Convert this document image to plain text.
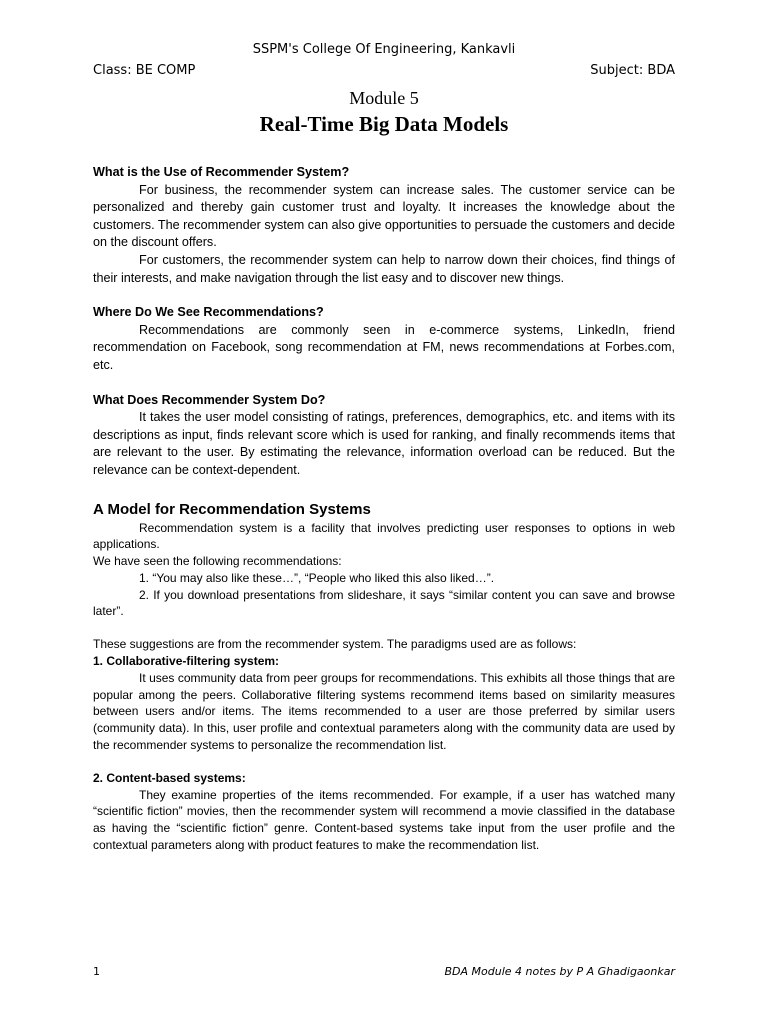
SSPM's College Of Engineering, Kankavli
Class: BE COMP	Subject: BDA
Module 5
Real-Time Big Data Models

What is the Use of Recommender System?

For business, the recommender system can increase sales. The customer service can be personalized and thereby gain customer trust and loyalty. It increases the knowledge about the customers. The recommender system can also give opportunities to persuade the customers and decide on the discount offers.

For customers, the recommender system can help to narrow down their choices, find things of their interests, and make navigation through the list easy and to discover new things.

Where Do We See Recommendations?

Recommendations are commonly seen in e-commerce systems, LinkedIn, friend recommendation on Facebook, song recommendation at FM, news recommendations at Forbes.com, etc.

What Does Recommender System Do?

It takes the user model consisting of ratings, preferences, demographics, etc. and items with its descriptions as input, finds relevant score which is used for ranking, and finally recommends items that are relevant to the user. By estimating the relevance, information overload can be reduced. But the relevance can be context-dependent.

A Model for Recommendation Systems

Recommendation system is a facility that involves predicting user responses to options in web applications.

We have seen the following recommendations:

1. “You may also like these…”, “People who liked this also liked…”.

2. If you download presentations from slideshare, it says “similar content you can save and browse later”.

These suggestions are from the recommender system. The paradigms used are as follows:

1. Collaborative-filtering system:

It uses community data from peer groups for recommendations. This exhibits all those things that are popular among the peers. Collaborative filtering systems recommend items based on similarity measures between users and/or items. The items recommended to a user are those preferred by similar users (community data). In this, user profile and contextual parameters along with the community data are used by the recommender systems to personalize the recommendation list.

2. Content-based systems:

They examine properties of the items recommended. For example, if a user has watched many “scientific fiction” movies, then the recommender system will recommend a movie classified in the database as having the “scientific fiction” genre. Content-based systems take input from the user profile and the contextual parameters along with product features to make the recommendation list.

1	BDA Module 4 notes by P A Ghadigaonkar
